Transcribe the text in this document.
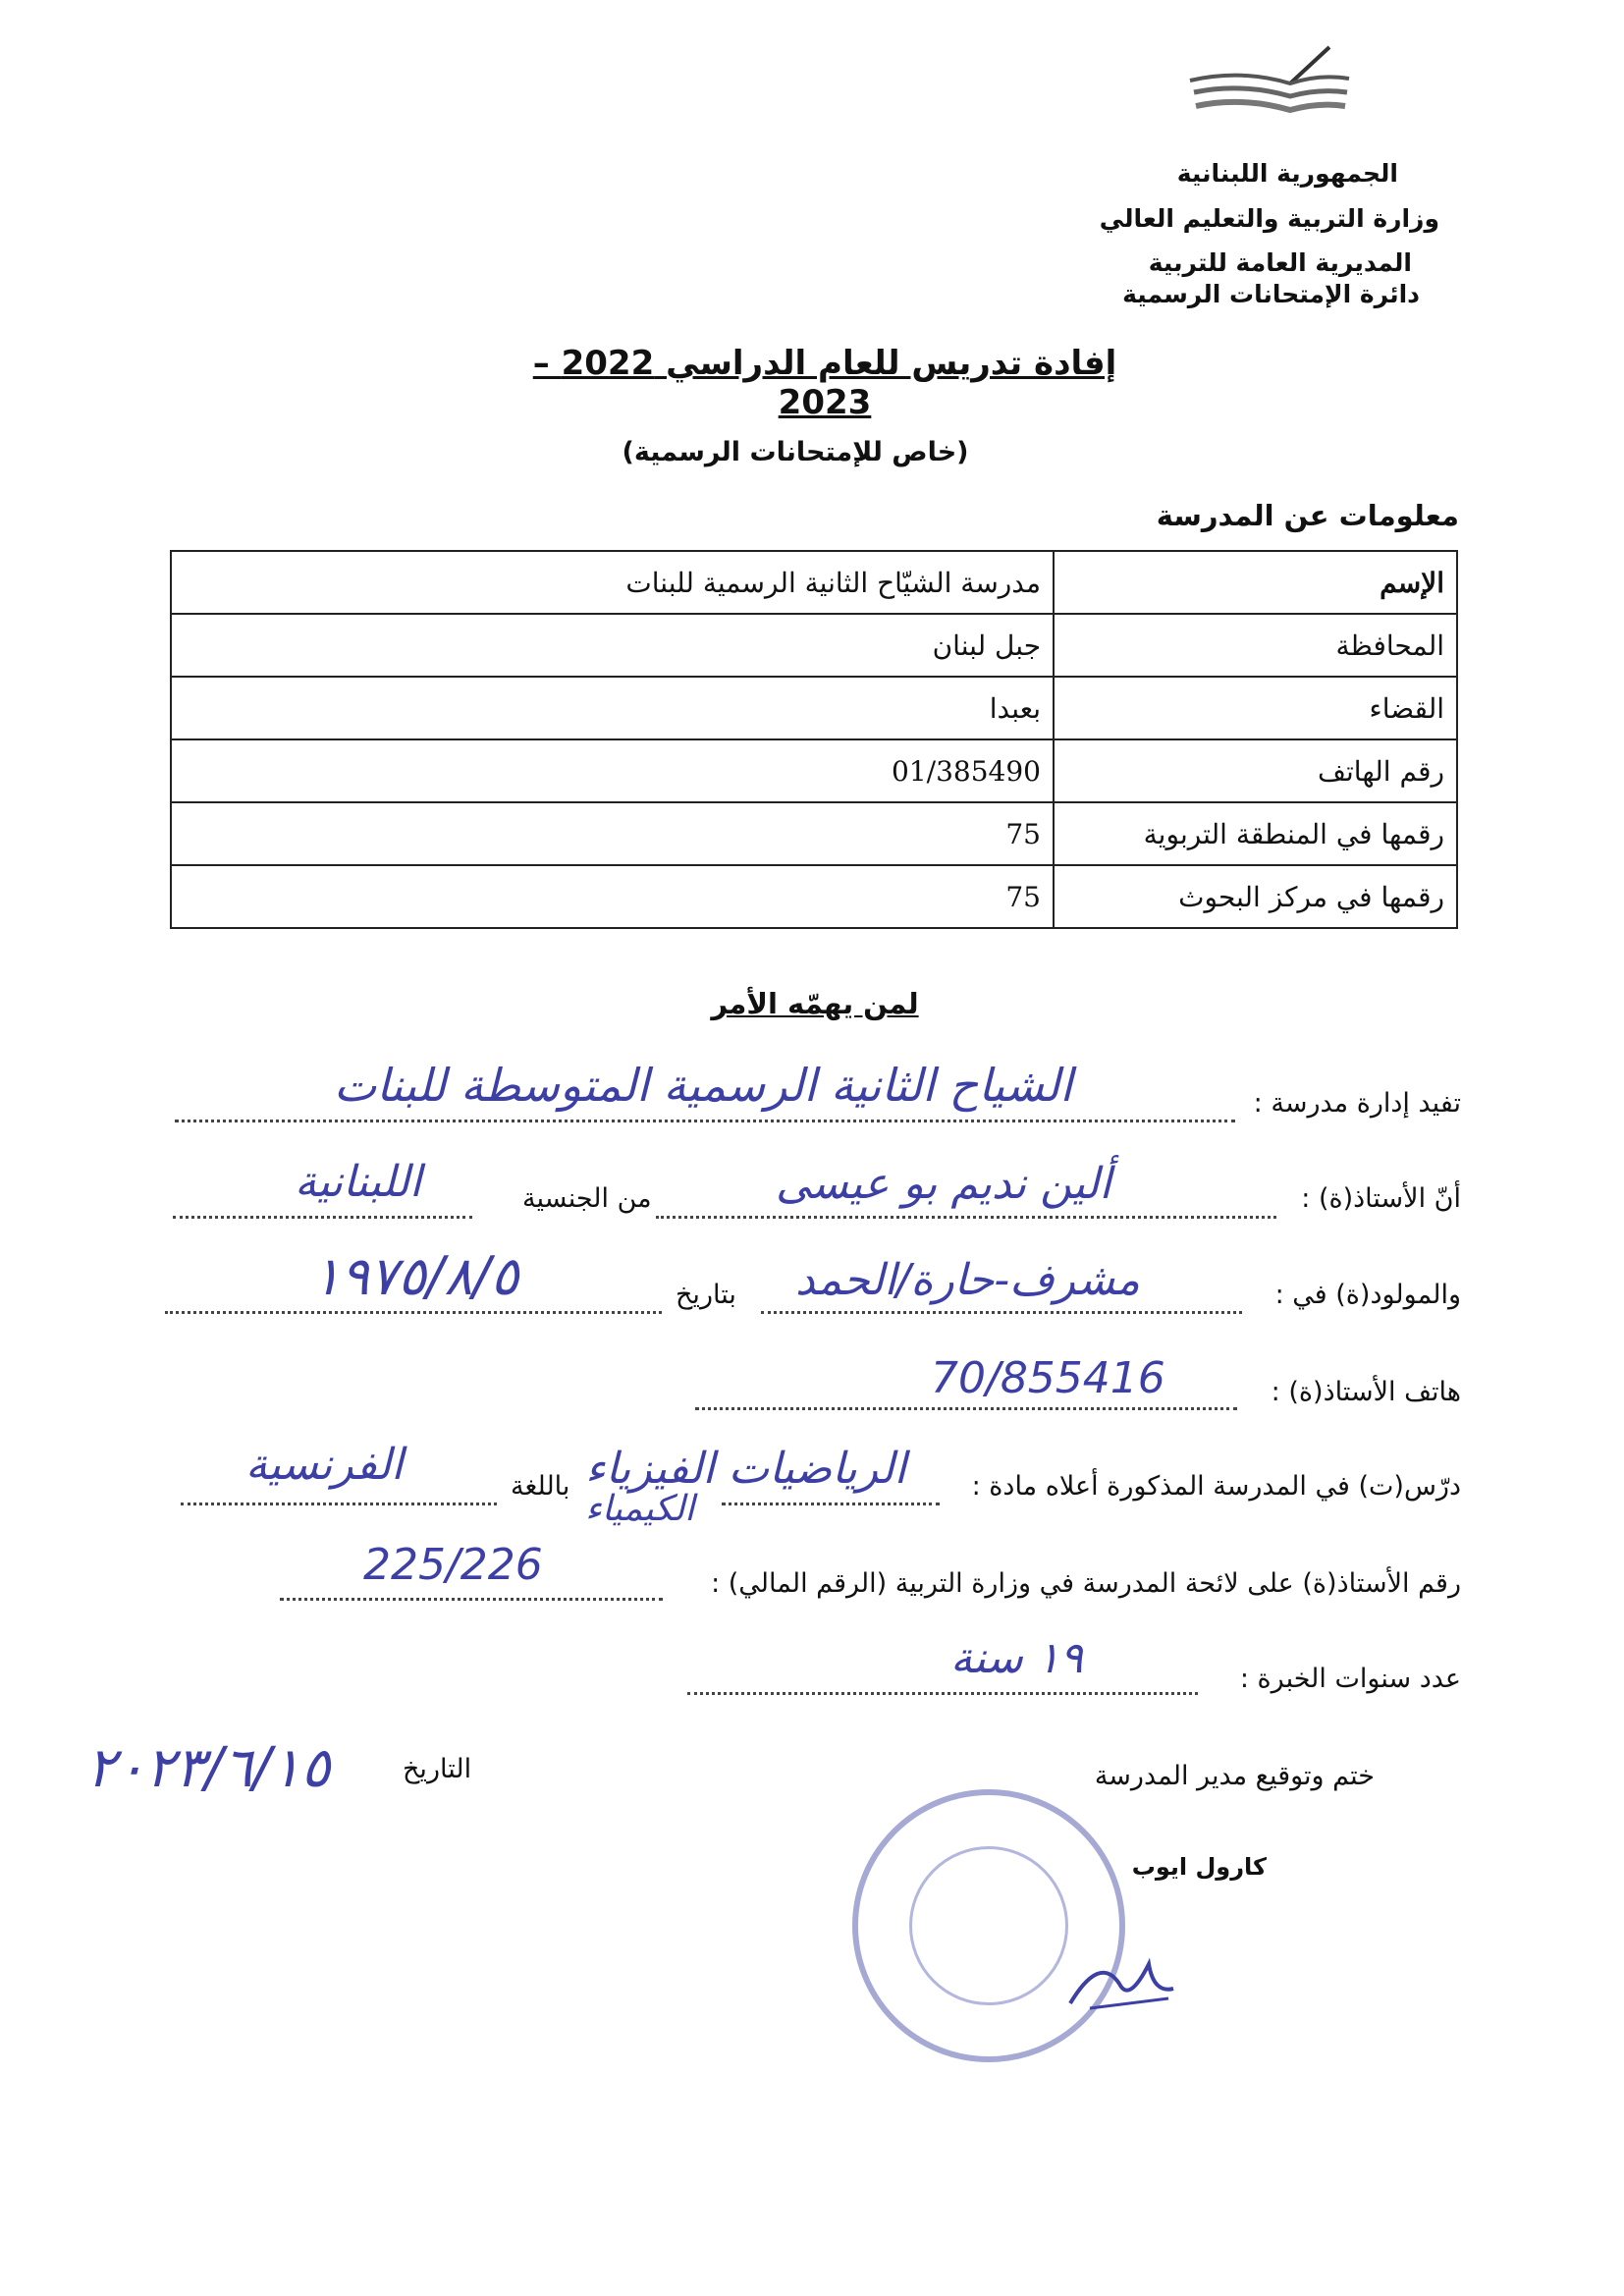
الجمهورية اللبنانية
وزارة التربية والتعليم العالي
المديرية العامة للتربية
دائرة الإمتحانات الرسمية
إفادة تدريس للعام الدراسي 2022 – 2023
(خاص للإمتحانات الرسمية)
معلومات عن المدرسة
الإسم	مدرسة الشيّاح الثانية الرسمية للبنات
المحافظة	جبل لبنان
القضاء	بعبدا
رقم الهاتف	01/385490
رقمها في المنطقة التربوية	75
رقمها في مركز البحوث	75
لمن يهمّه الأمر
تفيد إدارة مدرسة :
الشياح الثانية الرسمية المتوسطة للبنات
أنّ الأستاذ(ة) :
ألين نديم بو عيسى
من الجنسية
اللبنانية
والمولود(ة) في :
مشرف-حارة/الحمد
بتاريخ
١٩٧٥/٨/٥
هاتف الأستاذ(ة) :
70/855416
درّس(ت) في المدرسة المذكورة أعلاه مادة :
الرياضيات الفيزياء
الكيمياء
باللغة
الفرنسية
رقم الأستاذ(ة) على لائحة المدرسة في وزارة التربية (الرقم المالي) :
225/226
عدد سنوات الخبرة :
١٩ سنة
التاريخ
٢٠٢٣/٦/١٥	ختم وتوقيع مدير المدرسة
كارول ايوب
